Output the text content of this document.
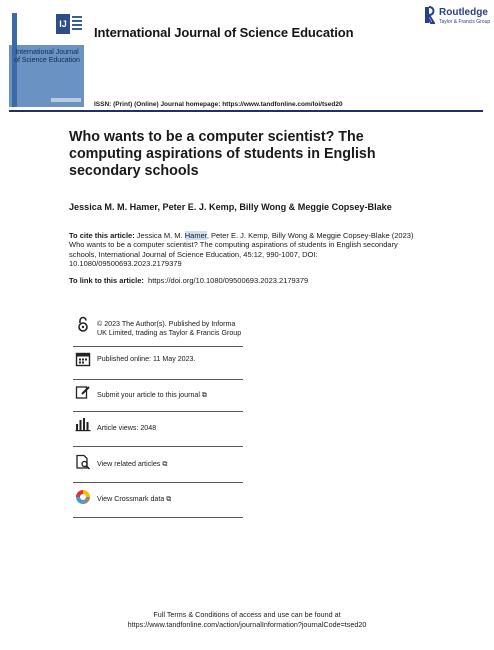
IJ
International Journal of Science Education
International Journal of Science Education
Routledge
Taylor & Francis Group
ISSN: (Print) (Online) Journal homepage: https://www.tandfonline.com/loi/tsed20
Who wants to be a computer scientist? The computing aspirations of students in English secondary schools
Jessica M. M. Hamer, Peter E. J. Kemp, Billy Wong & Meggie Copsey-Blake
To cite this article: Jessica M. M. Hamer, Peter E. J. Kemp, Billy Wong & Meggie Copsey-Blake (2023) Who wants to be a computer scientist? The computing aspirations of students in English secondary schools, International Journal of Science Education, 45:12, 990-1007, DOI: 10.1080/09500693.2023.2179379
To link to this article: https://doi.org/10.1080/09500693.2023.2179379
© 2023 The Author(s). Published by Informa UK Limited, trading as Taylor & Francis Group
Published online: 11 May 2023.
Submit your article to this journal ⧉
Article views: 2048
View related articles ⧉
View Crossmark data ⧉
Full Terms & Conditions of access and use can be found at
https://www.tandfonline.com/action/journalInformation?journalCode=tsed20
